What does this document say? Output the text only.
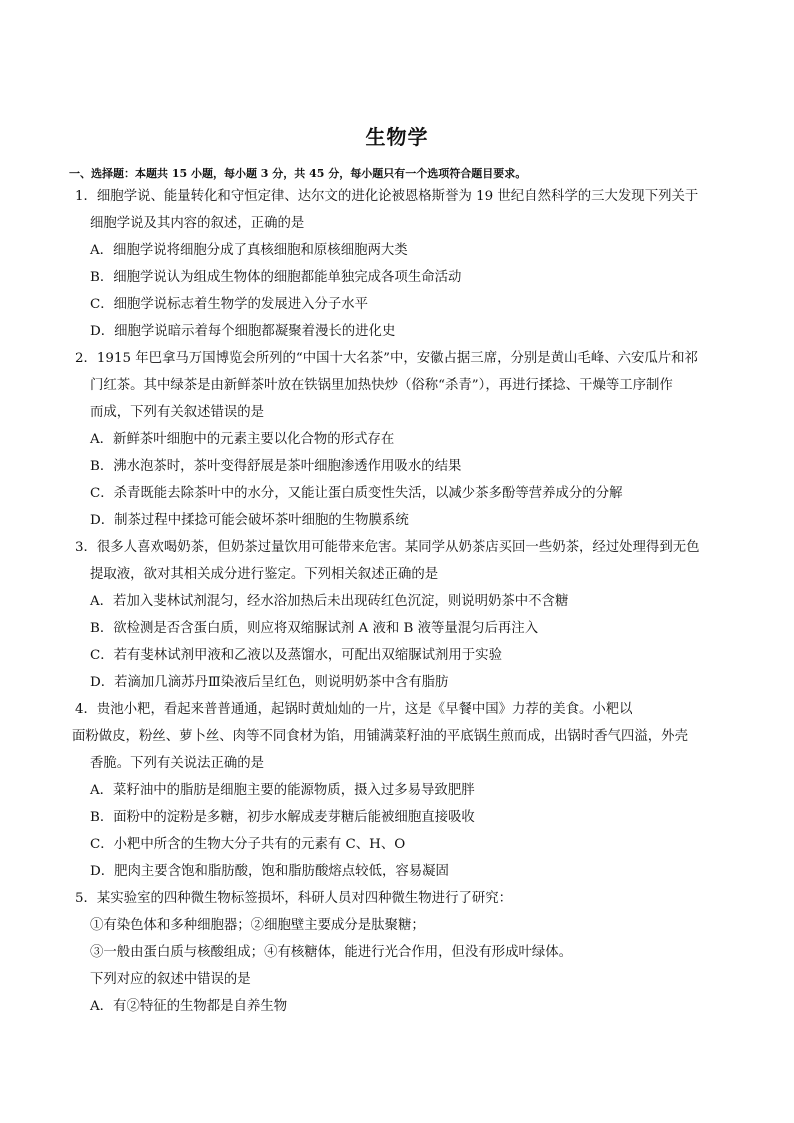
生物学
一、选择题：本题共 15 小题，每小题 3 分，共 45 分，每小题只有一个选项符合题目要求。
1．细胞学说、能量转化和守恒定律、达尔文的进化论被恩格斯誉为 19 世纪自然科学的三大发现下列关于
细胞学说及其内容的叙述，正确的是
A．细胞学说将细胞分成了真核细胞和原核细胞两大类
B．细胞学说认为组成生物体的细胞都能单独完成各项生命活动
C．细胞学说标志着生物学的发展进入分子水平
D．细胞学说暗示着每个细胞都凝聚着漫长的进化史
2．1915 年巴拿马万国博览会所列的“中国十大名茶”中，安徽占据三席，分别是黄山毛峰、六安瓜片和祁
门红茶。其中绿茶是由新鲜茶叶放在铁锅里加热快炒（俗称“杀青”），再进行揉捻、干燥等工序制作
而成，下列有关叙述错误的是
A．新鲜茶叶细胞中的元素主要以化合物的形式存在
B．沸水泡茶时，茶叶变得舒展是茶叶细胞渗透作用吸水的结果
C．杀青既能去除茶叶中的水分，又能让蛋白质变性失活，以减少茶多酚等营养成分的分解
D．制茶过程中揉捻可能会破坏茶叶细胞的生物膜系统
3．很多人喜欢喝奶茶，但奶茶过量饮用可能带来危害。某同学从奶茶店买回一些奶茶，经过处理得到无色
提取液，欲对其相关成分进行鉴定。下列相关叙述正确的是
A．若加入斐林试剂混匀，经水浴加热后未出现砖红色沉淀，则说明奶茶中不含糖
B．欲检测是否含蛋白质，则应将双缩脲试剂 A 液和 B 液等量混匀后再注入
C．若有斐林试剂甲液和乙液以及蒸馏水，可配出双缩脲试剂用于实验
D．若滴加几滴苏丹Ⅲ染液后呈红色，则说明奶茶中含有脂肪
4．贵池小粑，看起来普普通通，起锅时黄灿灿的一片，这是《早餐中国》力荐的美食。小粑以
面粉做皮，粉丝、萝卜丝、肉等不同食材为馅，用铺满菜籽油的平底锅生煎而成，出锅时香气四溢，外壳
香脆。下列有关说法正确的是
A．菜籽油中的脂肪是细胞主要的能源物质，摄入过多易导致肥胖
B．面粉中的淀粉是多糖，初步水解成麦芽糖后能被细胞直接吸收
C．小粑中所含的生物大分子共有的元素有 C、H、O
D．肥肉主要含饱和脂肪酸，饱和脂肪酸熔点较低，容易凝固
5．某实验室的四种微生物标签损坏，科研人员对四种微生物进行了研究：
①有染色体和多种细胞器；②细胞壁主要成分是肽聚糖；
③一般由蛋白质与核酸组成；④有核糖体，能进行光合作用，但没有形成叶绿体。
下列对应的叙述中错误的是
A．有②特征的生物都是自养生物
